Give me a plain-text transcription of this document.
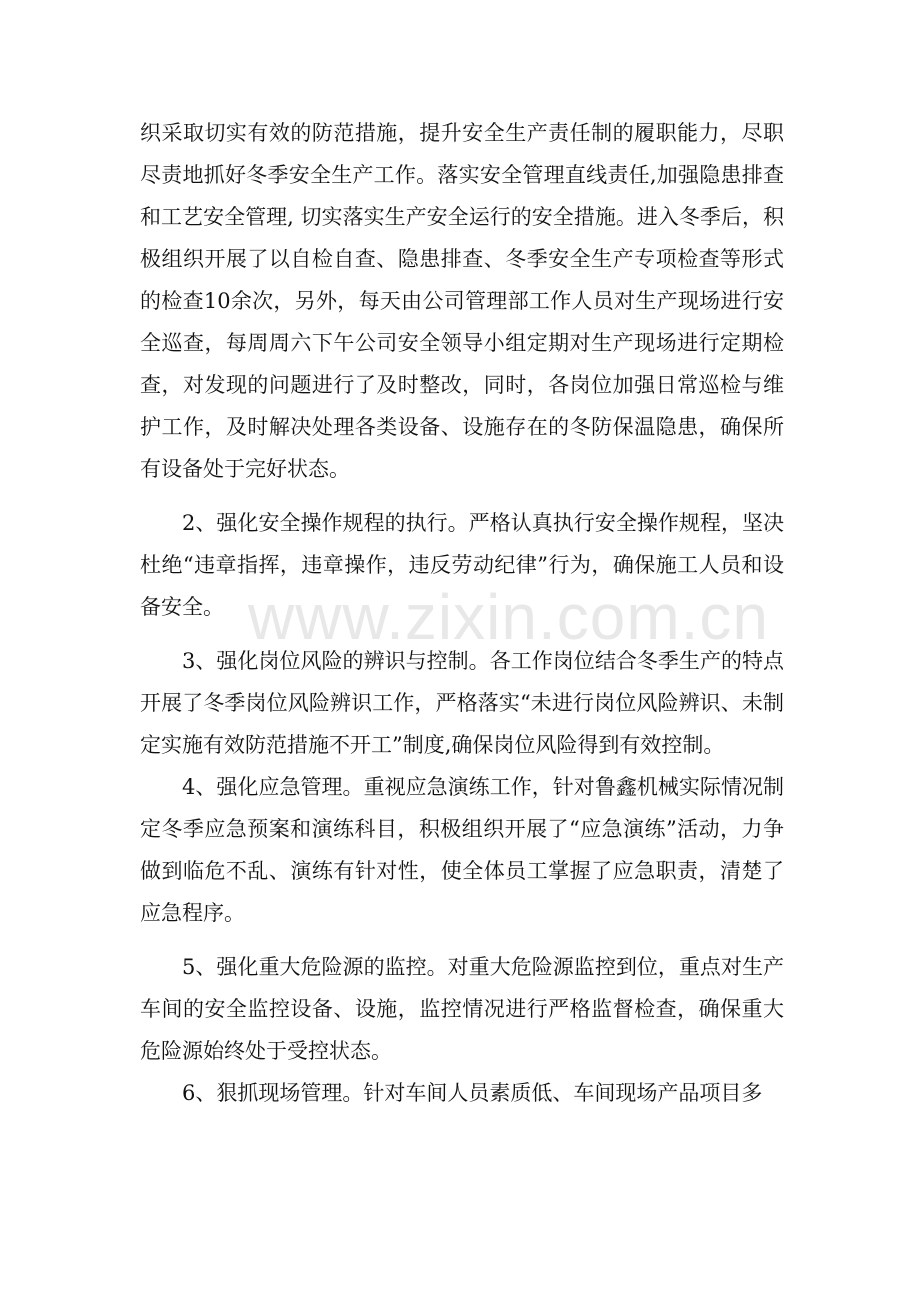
www.zixin.com.cn

织采取切实有效的防范措施，提升安全生产责任制的履职能力，尽职尽责地抓好冬季安全生产工作。落实安全管理直线责任,加强隐患排查和工艺安全管理, 切实落实生产安全运行的安全措施。进入冬季后，积极组织开展了以自检自查、隐患排查、冬季安全生产专项检查等形式的检查10余次，另外，每天由公司管理部工作人员对生产现场进行安全巡查，每周周六下午公司安全领导小组定期对生产现场进行定期检查，对发现的问题进行了及时整改，同时，各岗位加强日常巡检与维护工作，及时解决处理各类设备、设施存在的冬防保温隐患，确保所有设备处于完好状态。

2、强化安全操作规程的执行。严格认真执行安全操作规程，坚决杜绝“违章指挥，违章操作，违反劳动纪律”行为，确保施工人员和设备安全。

3、强化岗位风险的辨识与控制。各工作岗位结合冬季生产的特点开展了冬季岗位风险辨识工作，严格落实“未进行岗位风险辨识、未制定实施有效防范措施不开工”制度,确保岗位风险得到有效控制。

4、强化应急管理。重视应急演练工作，针对鲁鑫机械实际情况制定冬季应急预案和演练科目，积极组织开展了“应急演练”活动，力争做到临危不乱、演练有针对性，使全体员工掌握了应急职责，清楚了应急程序。

5、强化重大危险源的监控。对重大危险源监控到位，重点对生产车间的安全监控设备、设施，监控情况进行严格监督检查，确保重大危险源始终处于受控状态。

6、狠抓现场管理。针对车间人员素质低、车间现场产品项目多
